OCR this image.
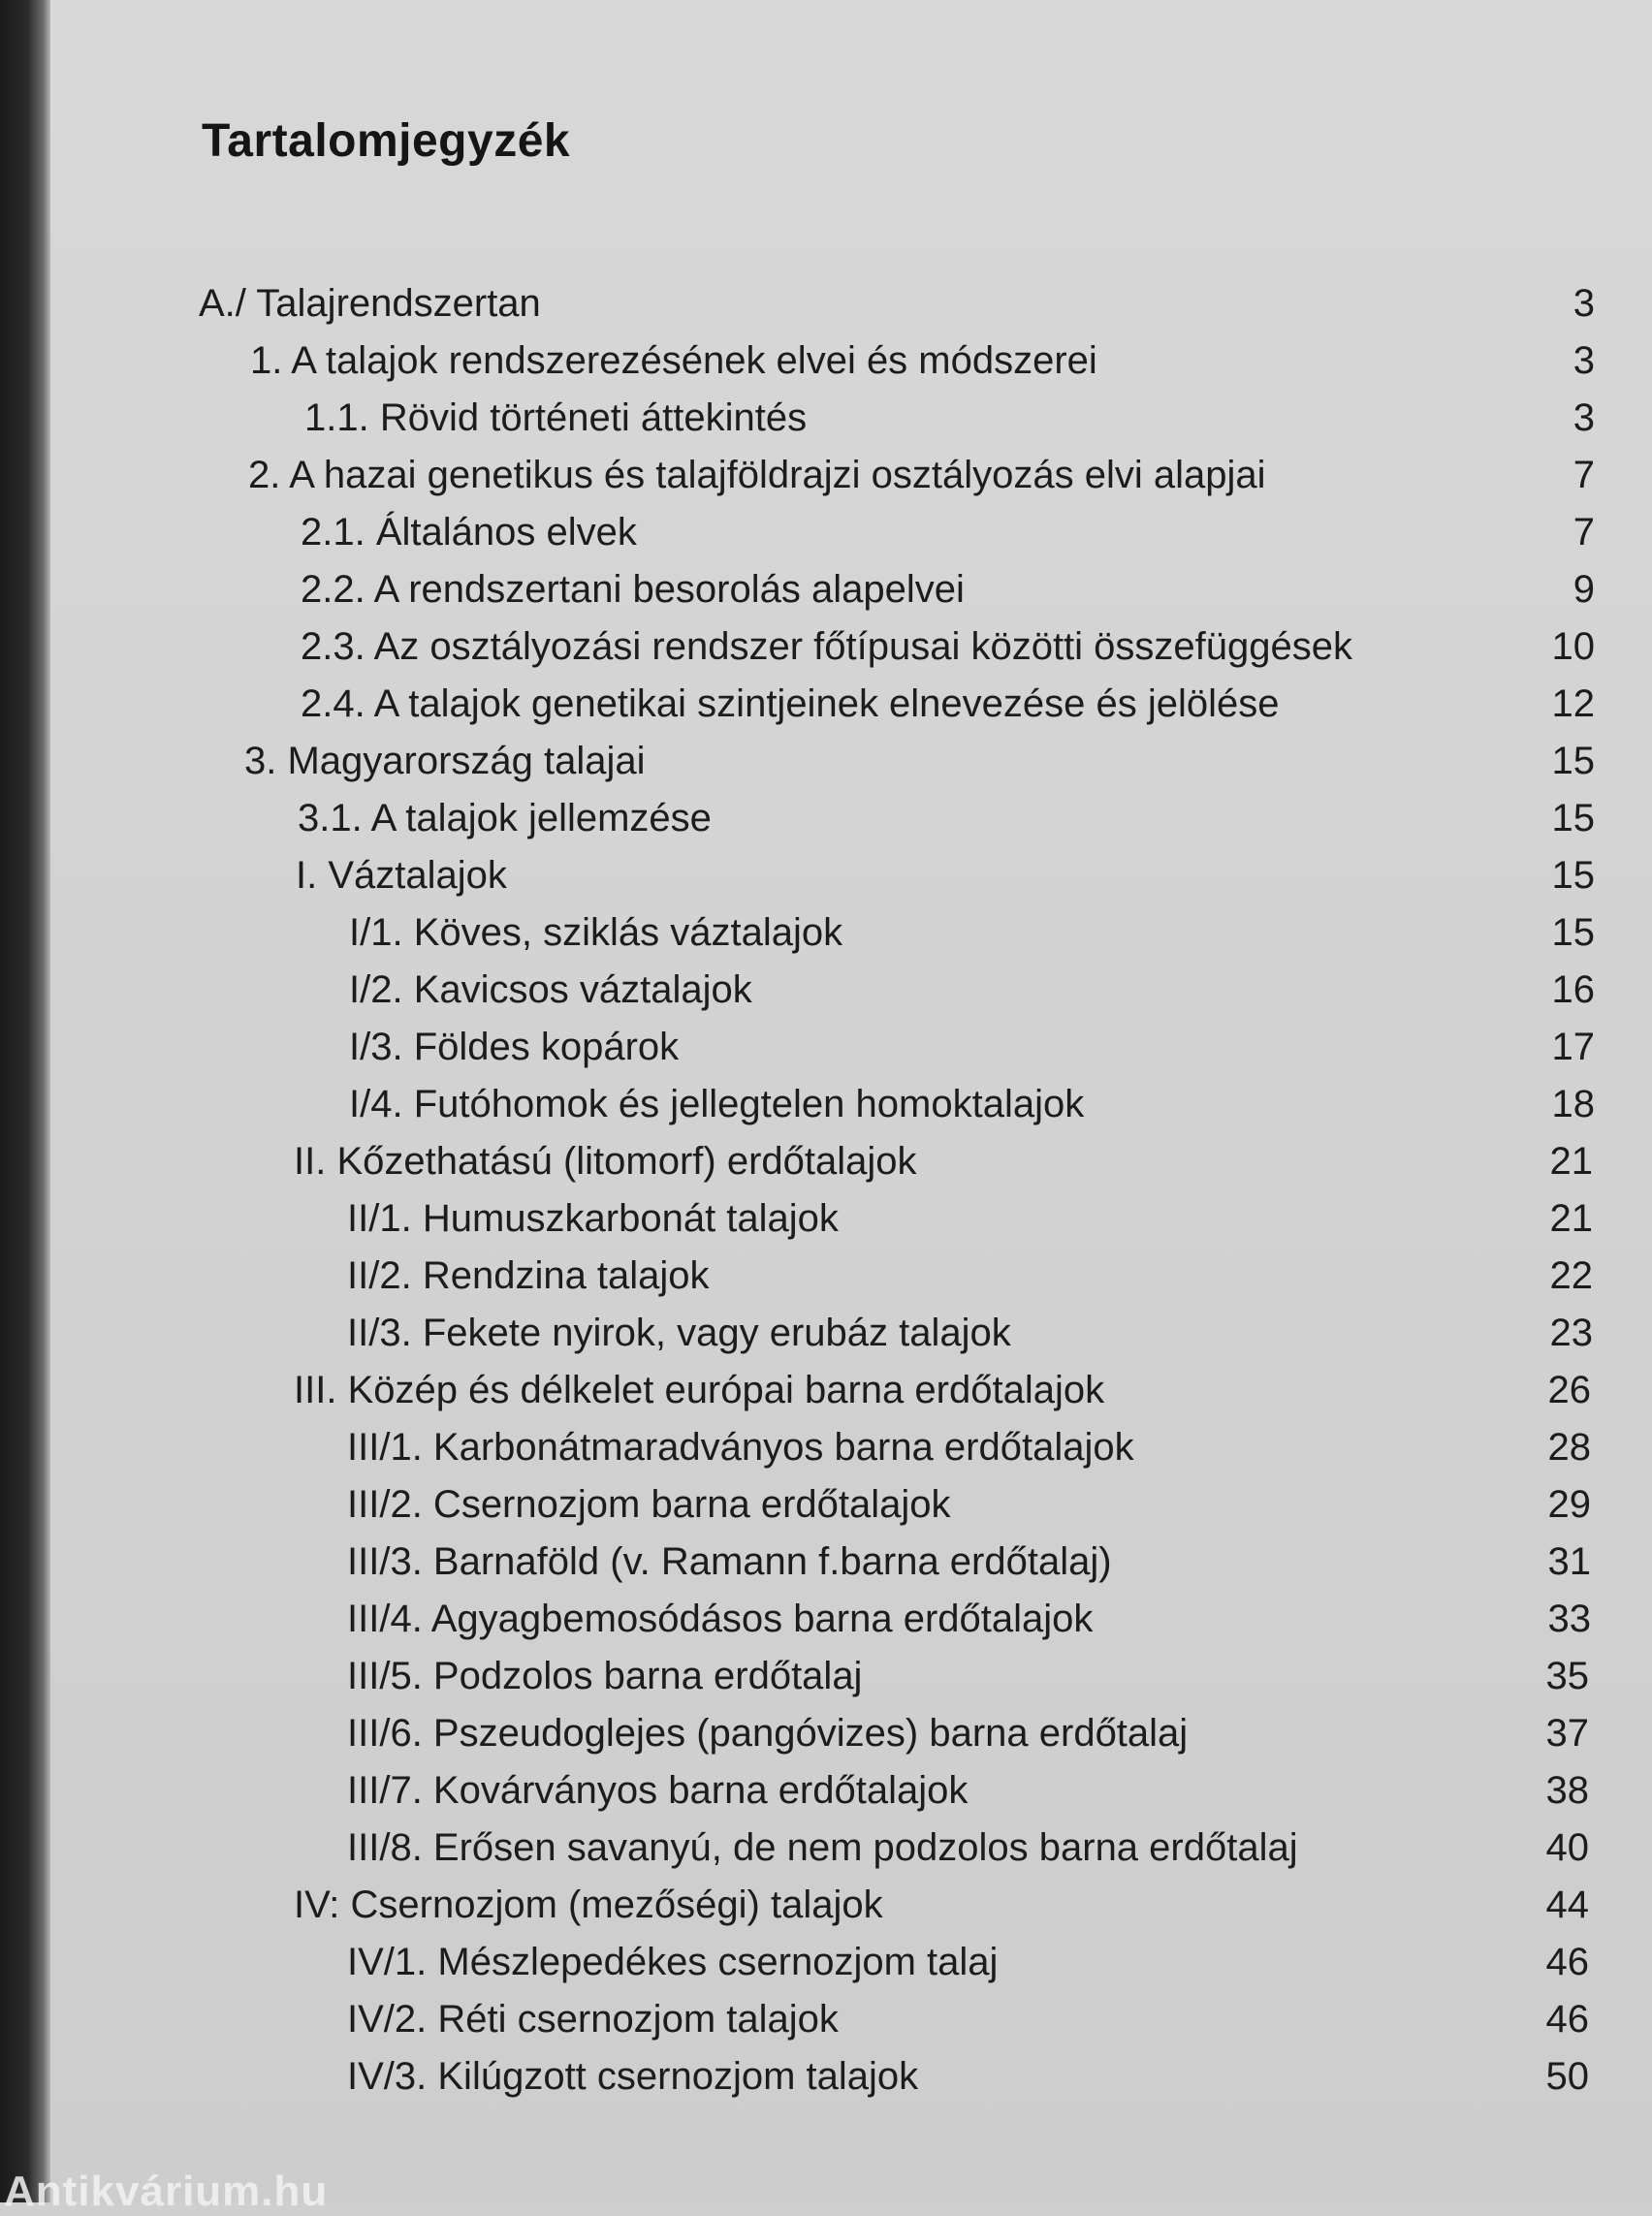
Tartalomjegyzék
A./ Talajrendszertan	3
1. A talajok rendszerezésének elvei és módszerei	3
1.1. Rövid történeti áttekintés	3
2. A hazai genetikus és talajföldrajzi osztályozás elvi alapjai	7
2.1. Általános elvek	7
2.2. A rendszertani besorolás alapelvei	9
2.3. Az osztályozási rendszer főtípusai közötti összefüggések	10
2.4. A talajok genetikai szintjeinek elnevezése és jelölése	12
3. Magyarország talajai	15
3.1. A talajok jellemzése	15
I. Váztalajok	15
I/1. Köves, sziklás váztalajok	15
I/2. Kavicsos váztalajok	16
I/3. Földes kopárok	17
I/4. Futóhomok és jellegtelen homoktalajok	18
II. Kőzethatású (litomorf) erdőtalajok	21
II/1. Humuszkarbonát talajok	21
II/2. Rendzina talajok	22
II/3. Fekete nyirok, vagy erubáz talajok	23
III. Közép és délkelet európai barna erdőtalajok	26
III/1. Karbonátmaradványos barna erdőtalajok	28
III/2. Csernozjom barna erdőtalajok	29
III/3. Barnaföld (v. Ramann f.barna erdőtalaj)	31
III/4. Agyagbemosódásos barna erdőtalajok	33
III/5. Podzolos barna erdőtalaj	35
III/6. Pszeudoglejes (pangóvizes) barna erdőtalaj	37
III/7. Kovárványos barna erdőtalajok	38
III/8. Erősen savanyú, de nem podzolos barna erdőtalaj	40
IV: Csernozjom (mezőségi) talajok	44
IV/1. Mészlepedékes csernozjom talaj	46
IV/2. Réti csernozjom talajok	46
IV/3. Kilúgzott csernozjom talajok	50
Antikvárium.hu
